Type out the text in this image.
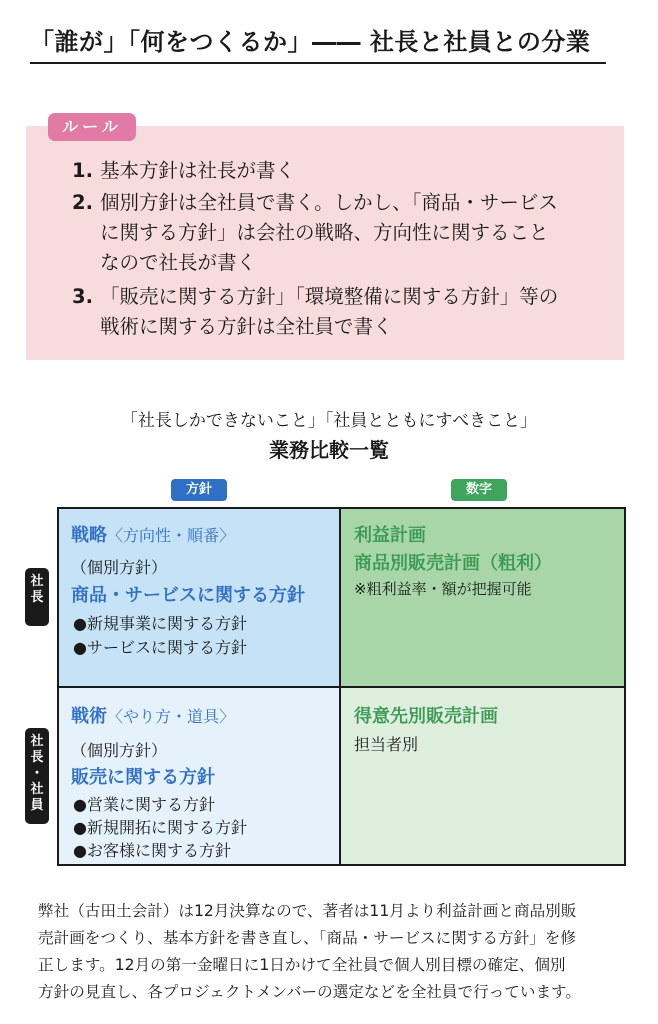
「誰が」「何をつくるか」―― 社長と社員との分業
ルール
1. 基本方針は社長が書く
2. 個別方針は全社員で書く。しかし、「商品・サービス
に関する方針」は会社の戦略、方向性に関すること
なので社長が書く
3. 「販売に関する方針」「環境整備に関する方針」等の
戦術に関する方針は全社員で書く
「社長しかできないこと」「社員とともにすべきこと」
業務比較一覧
方針	数字
社
長
社
長
・
社
員
戦略〈方向性・順番〉
（個別方針）
商品・サービスに関する方針
●新規事業に関する方針
●サービスに関する方針
利益計画
商品別販売計画（粗利）
※粗利益率・額が把握可能
戦術〈やり方・道具〉
（個別方針）
販売に関する方針
●営業に関する方針
●新規開拓に関する方針
●お客様に関する方針
得意先別販売計画
担当者別
弊社（古田土会計）は12月決算なので、著者は11月より利益計画と商品別販
売計画をつくり、基本方針を書き直し、「商品・サービスに関する方針」を修
正します。12月の第一金曜日に1日かけて全社員で個人別目標の確定、個別
方針の見直し、各プロジェクトメンバーの選定などを全社員で行っています。
